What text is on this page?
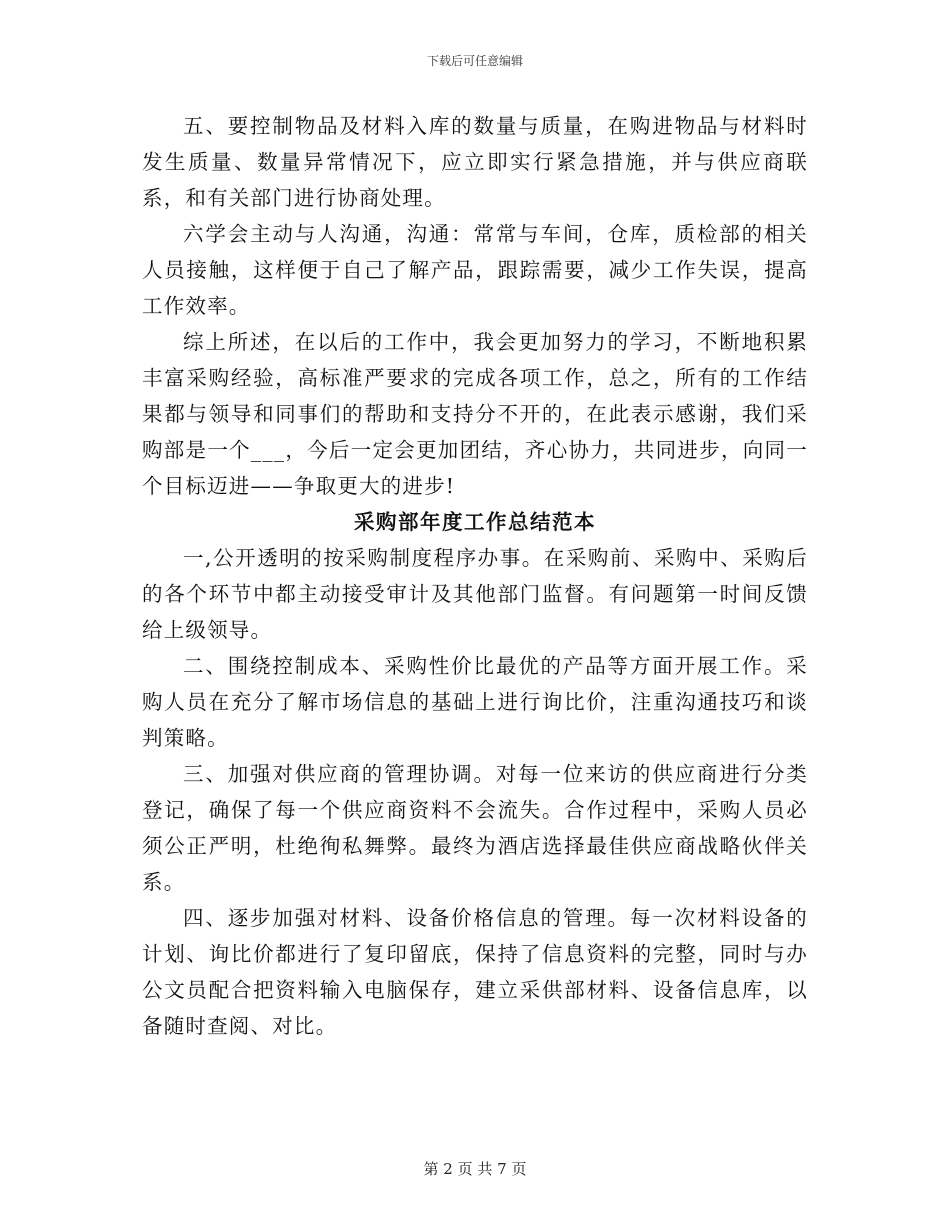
下载后可任意编辑

五、要控制物品及材料入库的数量与质量，在购进物品与材料时发生质量、数量异常情况下，应立即实行紧急措施，并与供应商联系，和有关部门进行协商处理。

六学会主动与人沟通，沟通：常常与车间，仓库，质检部的相关人员接触，这样便于自己了解产品，跟踪需要，减少工作失误，提高工作效率。

综上所述，在以后的工作中，我会更加努力的学习，不断地积累丰富采购经验，高标准严要求的完成各项工作，总之，所有的工作结果都与领导和同事们的帮助和支持分不开的，在此表示感谢，我们采购部是一个___，今后一定会更加团结，齐心协力，共同进步，向同一个目标迈进——争取更大的进步!

采购部年度工作总结范本

一,公开透明的按采购制度程序办事。在采购前、采购中、采购后的各个环节中都主动接受审计及其他部门监督。有问题第一时间反馈给上级领导。

二、围绕控制成本、采购性价比最优的产品等方面开展工作。采购人员在充分了解市场信息的基础上进行询比价，注重沟通技巧和谈判策略。

三、加强对供应商的管理协调。对每一位来访的供应商进行分类登记，确保了每一个供应商资料不会流失。合作过程中，采购人员必须公正严明，杜绝徇私舞弊。最终为酒店选择最佳供应商战略伙伴关系。

四、逐步加强对材料、设备价格信息的管理。每一次材料设备的计划、询比价都进行了复印留底，保持了信息资料的完整，同时与办公文员配合把资料输入电脑保存，建立采供部材料、设备信息库，以备随时查阅、对比。

第 2 页 共 7 页
